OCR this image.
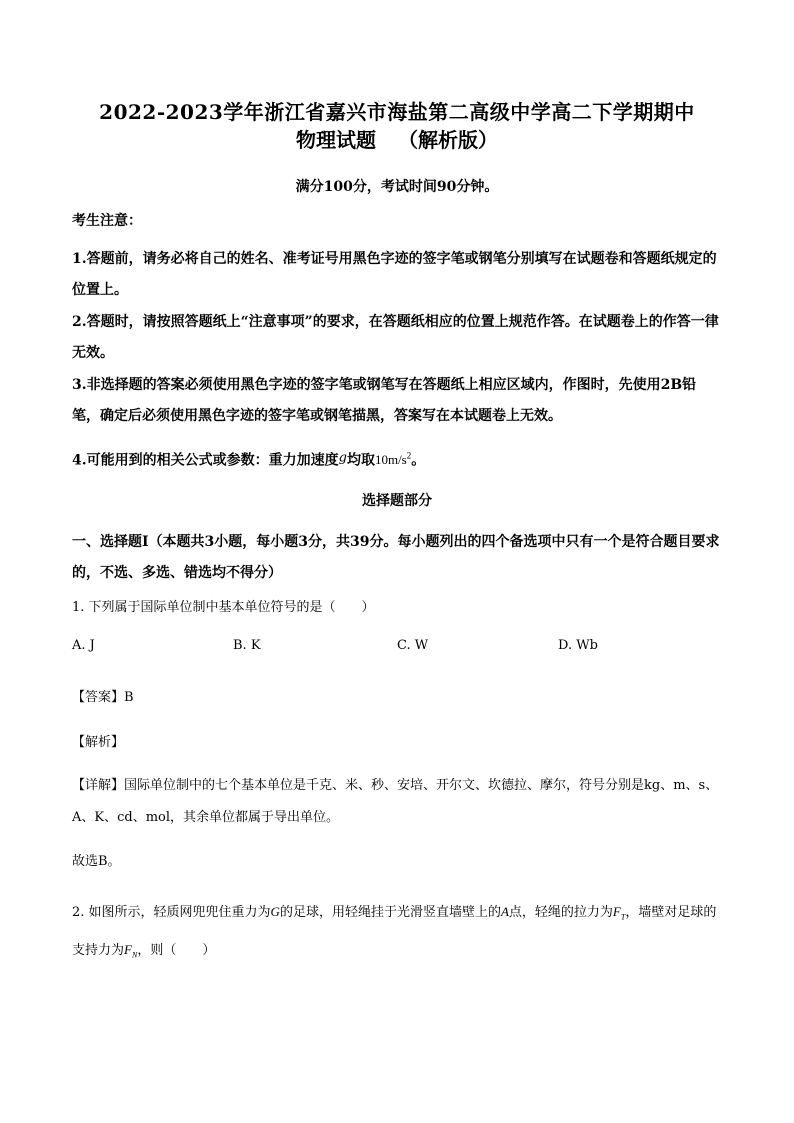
2022-2023学年浙江省嘉兴市海盐第二高级中学高二下学期期中
物理试题 （解析版）
满分100分，考试时间90分钟。
考生注意：
1.答题前，请务必将自己的姓名、准考证号用黑色字迹的签字笔或钢笔分别填写在试题卷和答题纸规定的位置上。
2.答题时，请按照答题纸上“注意事项”的要求，在答题纸相应的位置上规范作答。在试题卷上的作答一律无效。
3.非选择题的答案必须使用黑色字迹的签字笔或钢笔写在答题纸上相应区域内，作图时，先使用2B铅笔，确定后必须使用黑色字迹的签字笔或钢笔描黑，答案写在本试题卷上无效。
4.可能用到的相关公式或参数：重力加速度g均取$10m/s^2$。
选择题部分
一、选择题Ⅰ（本题共3小题，每小题3分，共39分。每小题列出的四个备选项中只有一个是符合题目要求的，不选、多选、错选均不得分）
1. 下列属于国际单位制中基本单位符号的是（　　）
A. J	B. K	C. W	D. Wb
【答案】B
【解析】
【详解】国际单位制中的七个基本单位是千克、米、秒、安培、开尔文、坎德拉、摩尔，符号分别是kg、m、s、A、K、cd、mol，其余单位都属于导出单位。
故选B。
2. 如图所示，轻质网兜兜住重力为G的足球，用轻绳挂于光滑竖直墙壁上的A点，轻绳的拉力为$F_T$，墙壁对足球的支持力为$F_N$，则（　　）
